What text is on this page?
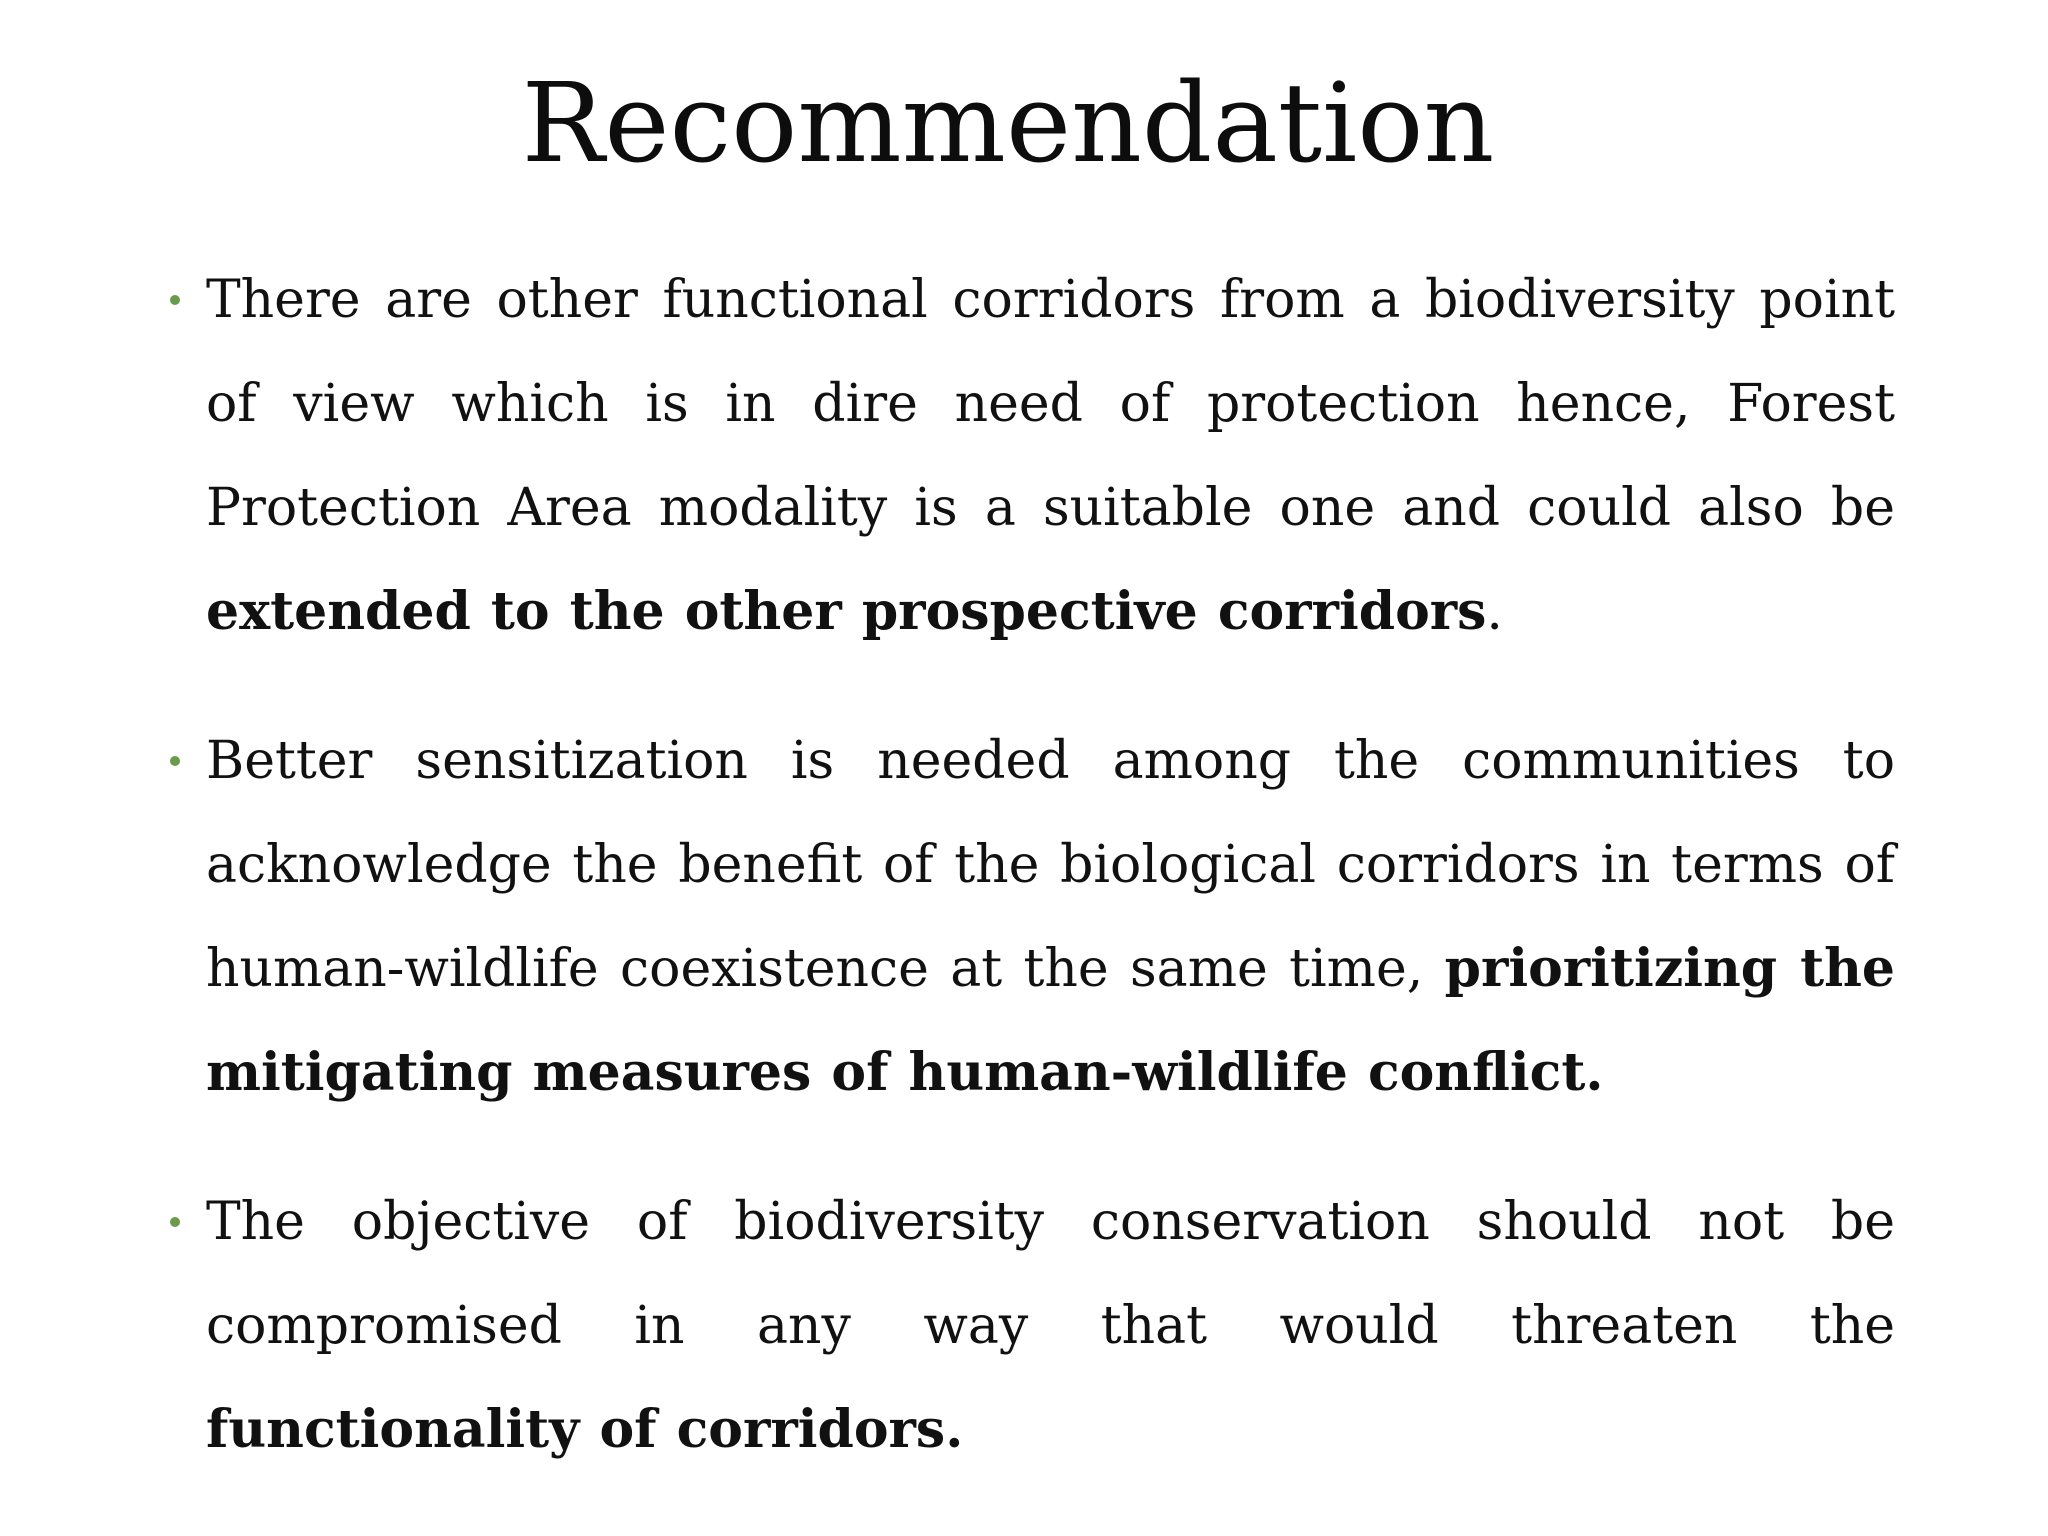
Recommendation
There are other functional corridors from a biodiversity point of view which is in dire need of protection hence, Forest Protection Area modality is a suitable one and could also be extended to the other prospective corridors.
Better sensitization is needed among the communities to acknowledge the benefit of the biological corridors in terms of human-wildlife coexistence at the same time, prioritizing the mitigating measures of human-wildlife conflict.
The objective of biodiversity conservation should not be compromised in any way that would threaten the functionality of corridors.
